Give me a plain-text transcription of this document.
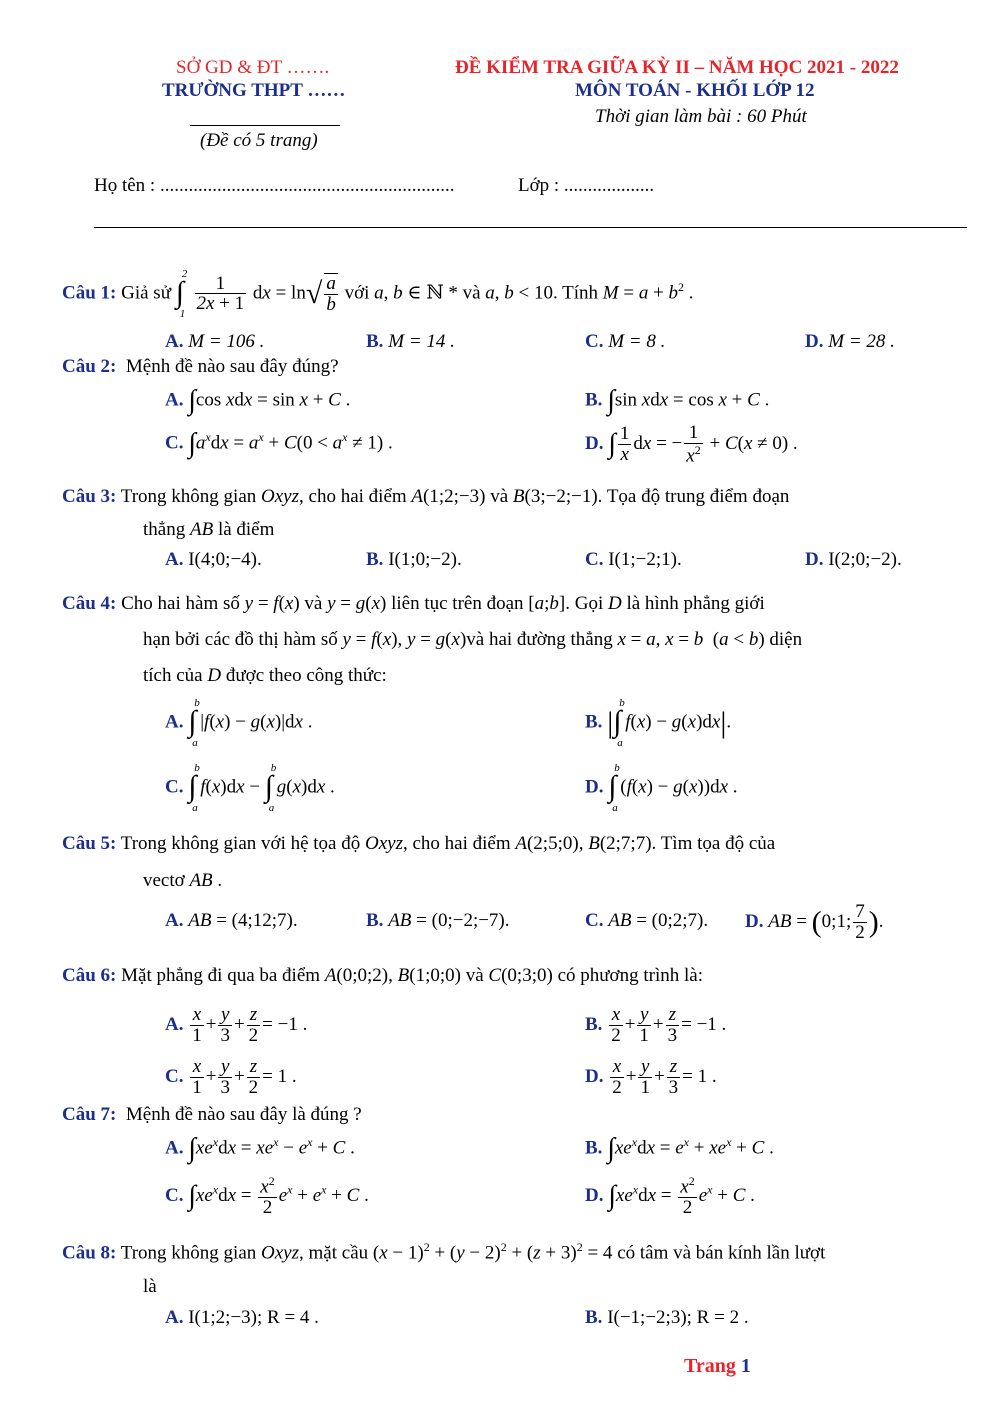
SỞ GD & ĐT …….
TRƯỜNG THPT ……
(Đề có 5 trang)
ĐỀ KIỂM TRA GIỮA KỲ II – NĂM HỌC 2021 - 2022
MÔN TOÁN - KHỐI LỚP 12
Thời gian làm bài : 60 Phút
Họ tên : ..............................................................	Lớp : ...................
Câu 1: Giả sử ∫
2
1
$\frac{1}{2x + 1}$ dx = $\ln√ \frac{a}{b}$ với a, b ∈ ℕ * và a, b < 10. Tính $M = a + b^2$ .
A. M = 106 .	B. M = 14 .	C. M = 8 .	D. M = 28 .
Câu 2: Mệnh đề nào sau đây đúng?
A. ∫cos xdx = sin x + C .	B. ∫sin xdx = cos x + C .
C. $\int a^xdx = a^x + C(0 < a^x \ne 1)$ .	D. ∫ $\frac{1}{x}$ dx = − $\frac{1}{x^2} + C(x \ne 0)$ .
Câu 3: Trong không gian Oxyz, cho hai điểm A(1;2;−3) và B(3;−2;−1). Tọa độ trung điểm đoạn
thẳng AB là điểm
A. I(4;0;−4).	B. I(1;0;−2).	C. I(1;−2;1).	D. I(2;0;−2).
Câu 4: Cho hai hàm số y = f(x) và y = g(x) liên tục trên đoạn [a;b]. Gọi D là hình phẳng giới
hạn bởi các đồ thị hàm số y = f(x), y = g(x)và hai đường thẳng x = a, x = b  (a < b) diện
tích của D được theo công thức:
A. ∫
b
a
|f(x) − g(x)|dx .	B. | ∫
b
a
f(x) − g(x)dx|.
C. ∫
b
a
f(x)dx − ∫
b
a
g(x)dx .	D. ∫
b
a
(f(x) − g(x))dx .
Câu 5: Trong không gian với hệ tọa độ Oxyz, cho hai điểm A(2;5;0), B(2;7;7). Tìm tọa độ của
vectơ AB .
A. AB = (4;12;7).	B. AB = (0;−2;−7).	C. AB = (0;2;7). D. AB = (0;1; $\frac{7}{2}$ ).
Câu 6: Mặt phẳng đi qua ba điểm A(0;0;2), B(1;0;0) và C(0;3;0) có phương trình là:
A. $\frac{x}{1} + \frac{y}{3} + \frac{z}{2} = -1$ .	B. $\frac{x}{2} + \frac{y}{1} + \frac{z}{3} = -1$ .
C. $\frac{x}{1} + \frac{y}{3} + \frac{z}{2} = 1$ .	D. $\frac{x}{2} + \frac{y}{1} + \frac{z}{3} = 1$ .
Câu 7: Mệnh đề nào sau đây là đúng ?
A. $\int xe^xdx = xe^x - e^x + C$ .	B. $\int xe^xdx = e^x + xe^x + C$ .
C. $\int xe^xdx = \frac{x^2}{2} e^x + e^x + C$ .	D. $\int xe^xdx = \frac{x^2}{2} e^x + C$ .
Câu 8: Trong không gian Oxyz, mặt cầu $(x - 1)^2 + (y - 2)^2 + (z + 3)^2 = 4$ có tâm và bán kính lần lượt
là
A. I(1;2;−3); R = 4 .	B. I(−1;−2;3); R = 2 .
Trang 1
